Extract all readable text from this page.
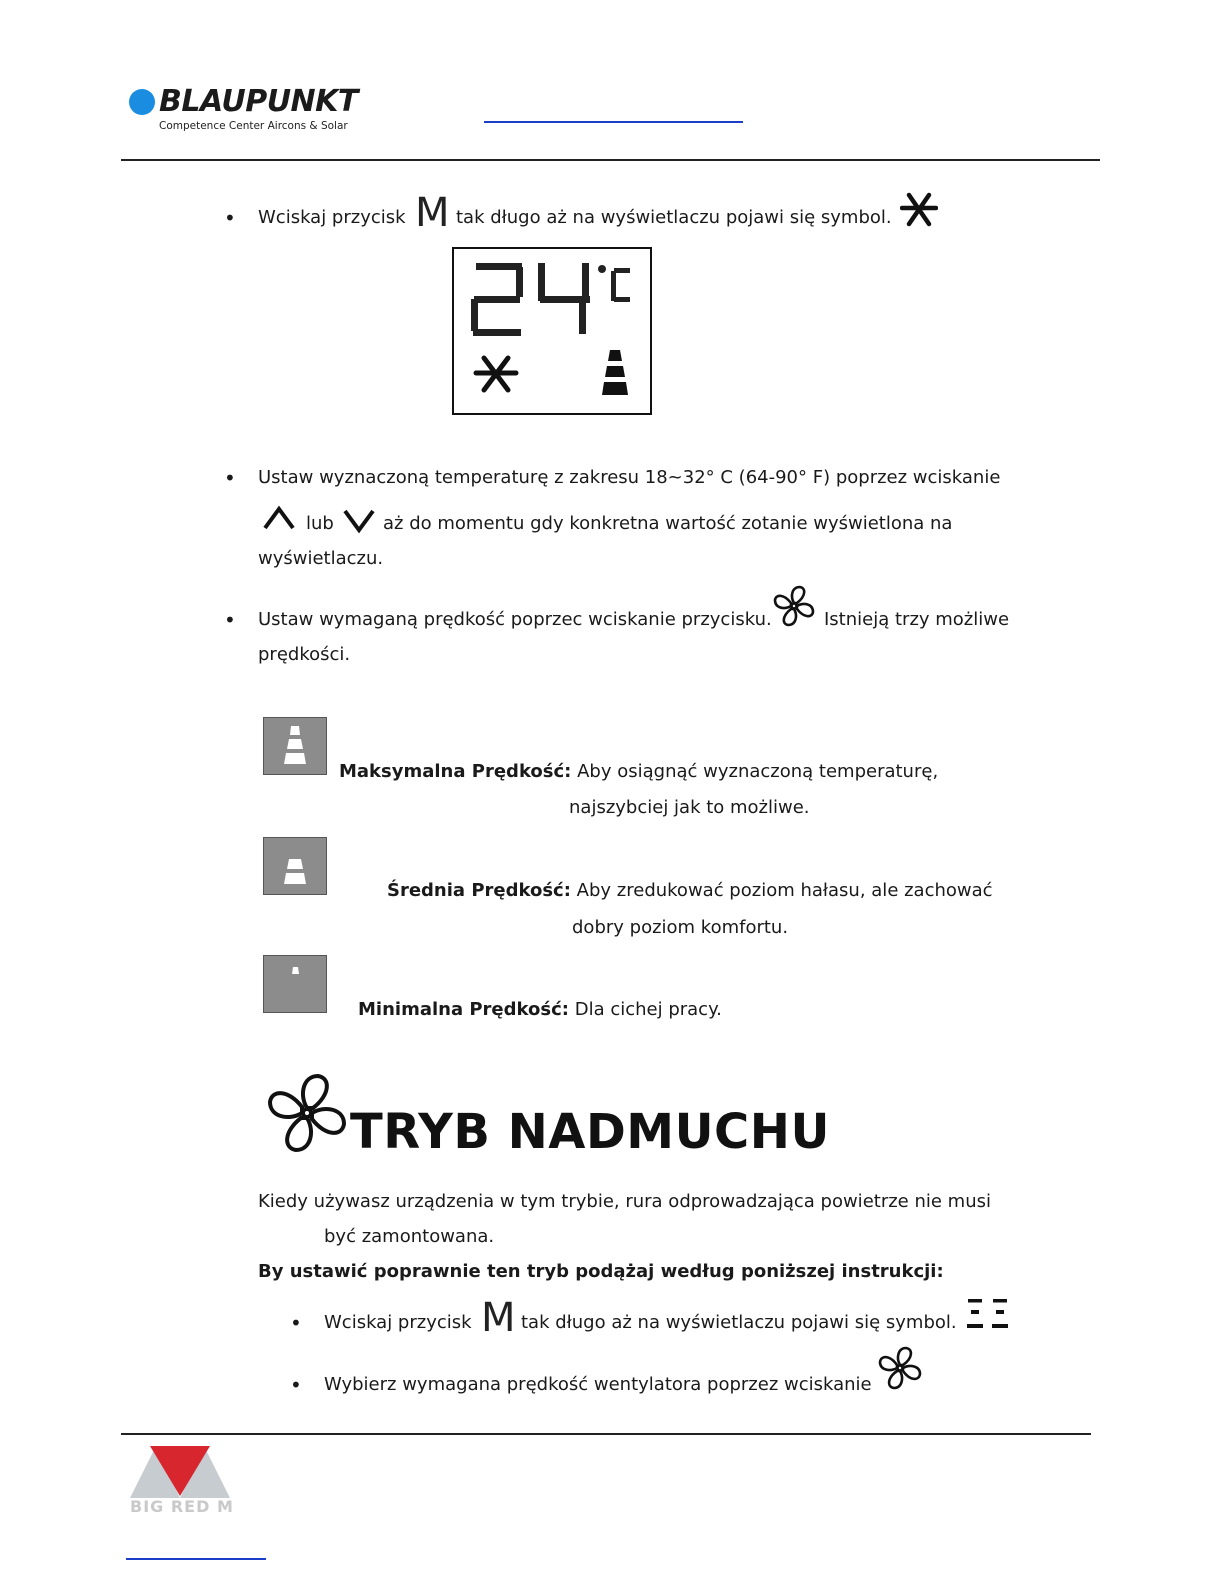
BLAUPUNKT
Competence Center Aircons & Solar
• Wciskaj przycisk M tak długo aż na wyświetlaczu pojawi się symbol.
• Ustaw wyznaczoną temperaturę z zakresu 18~32° C (64-90° F) poprzez wciskanie
lub	aż do momentu gdy konkretna wartość zotanie wyświetlona na
wyświetlaczu.
• Ustaw wymaganą prędkość poprzec wciskanie przycisku.	Istnieją trzy możliwe
prędkości.
Maksymalna Prędkość: Aby osiągnąć wyznaczoną temperaturę,
najszybciej jak to możliwe.
Średnia Prędkość: Aby zredukować poziom hałasu, ale zachować
dobry poziom komfortu.
Minimalna Prędkość: Dla cichej pracy.
TRYB NADMUCHU
Kiedy używasz urządzenia w tym trybie, rura odprowadzająca powietrze nie musi
być zamontowana.
By ustawić poprawnie ten tryb podążaj według poniższej instrukcji:
• Wciskaj przycisk M tak długo aż na wyświetlaczu pojawi się symbol.
• Wybierz wymagana prędkość wentylatora poprzez wciskanie
BIG RED M
